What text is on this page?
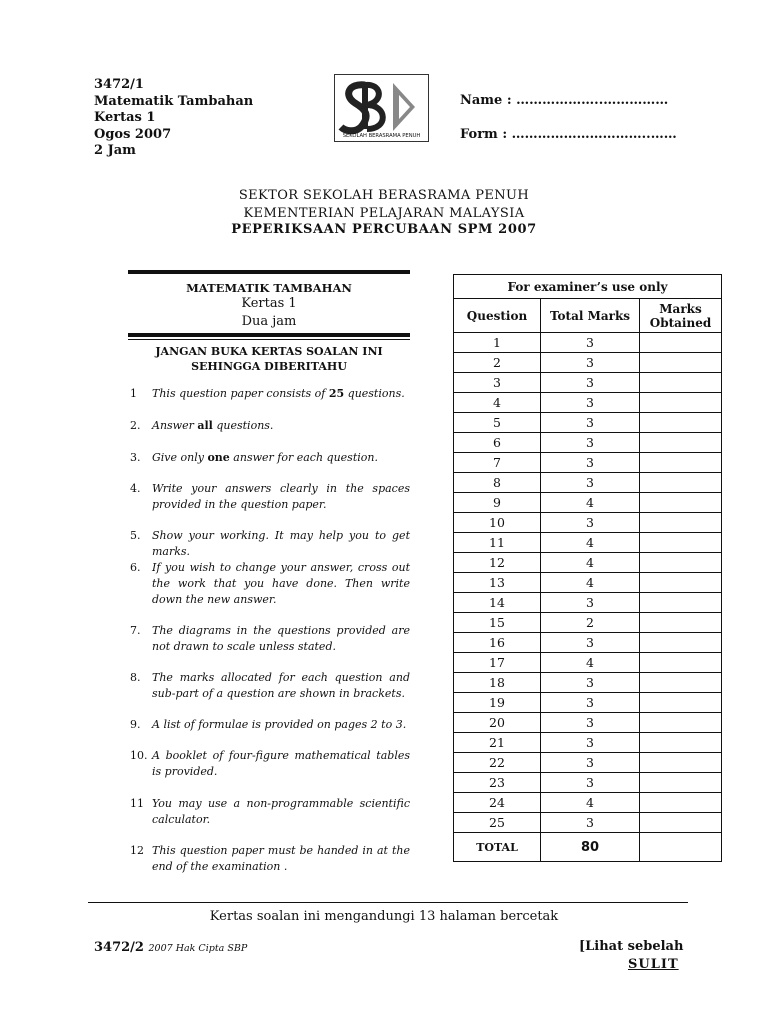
3472/1
Matematik Tambahan
Kertas 1
Ogos 2007
2 Jam
SEKOLAH BERASRAMA PENUH
Name : ………………..……………
Form : …………………………..……
SEKTOR SEKOLAH BERASRAMA PENUH
KEMENTERIAN PELAJARAN MALAYSIA
PEPERIKSAAN PERCUBAAN SPM 2007
MATEMATIK TAMBAHAN
Kertas 1
Dua jam
JANGAN BUKA KERTAS SOALAN INI
SEHINGGA DIBERITAHU
1 This question paper consists of 25 questions.
2. Answer all questions.
3. Give only one answer for each question.
4. Write your answers clearly in the spaces provided in the question paper.
5. Show your working. It may help you to get marks.
6. If you wish to change your answer, cross out the work that you have done. Then write down the new answer.
7. The diagrams in the questions provided are not drawn to scale unless stated.
8. The marks allocated for each question and sub-part of a question are shown in brackets.
9. A list of formulae is provided on pages 2 to 3.
10. A booklet of four-figure mathematical tables is provided.
11 You may use a non-programmable scientific calculator.
12 This question paper must be handed in at the end of the examination .
For examiner’s use only		
Question	Total Marks	Marks Obtained
1	3	
2	3	
3	3	
4	3	
5	3	
6	3	
7	3	
8	3	
9	4	
10	3	
11	4	
12	4	
13	4	
14	3	
15	2	
16	3	
17	4	
18	3	
19	3	
20	3	
21	3	
22	3	
23	3	
24	4	
25	3	
TOTAL	80	
Kertas soalan ini mengandungi 13 halaman bercetak
3472/2 2007 Hak Cipta SBP	[Lihat sebelah
SULIT
